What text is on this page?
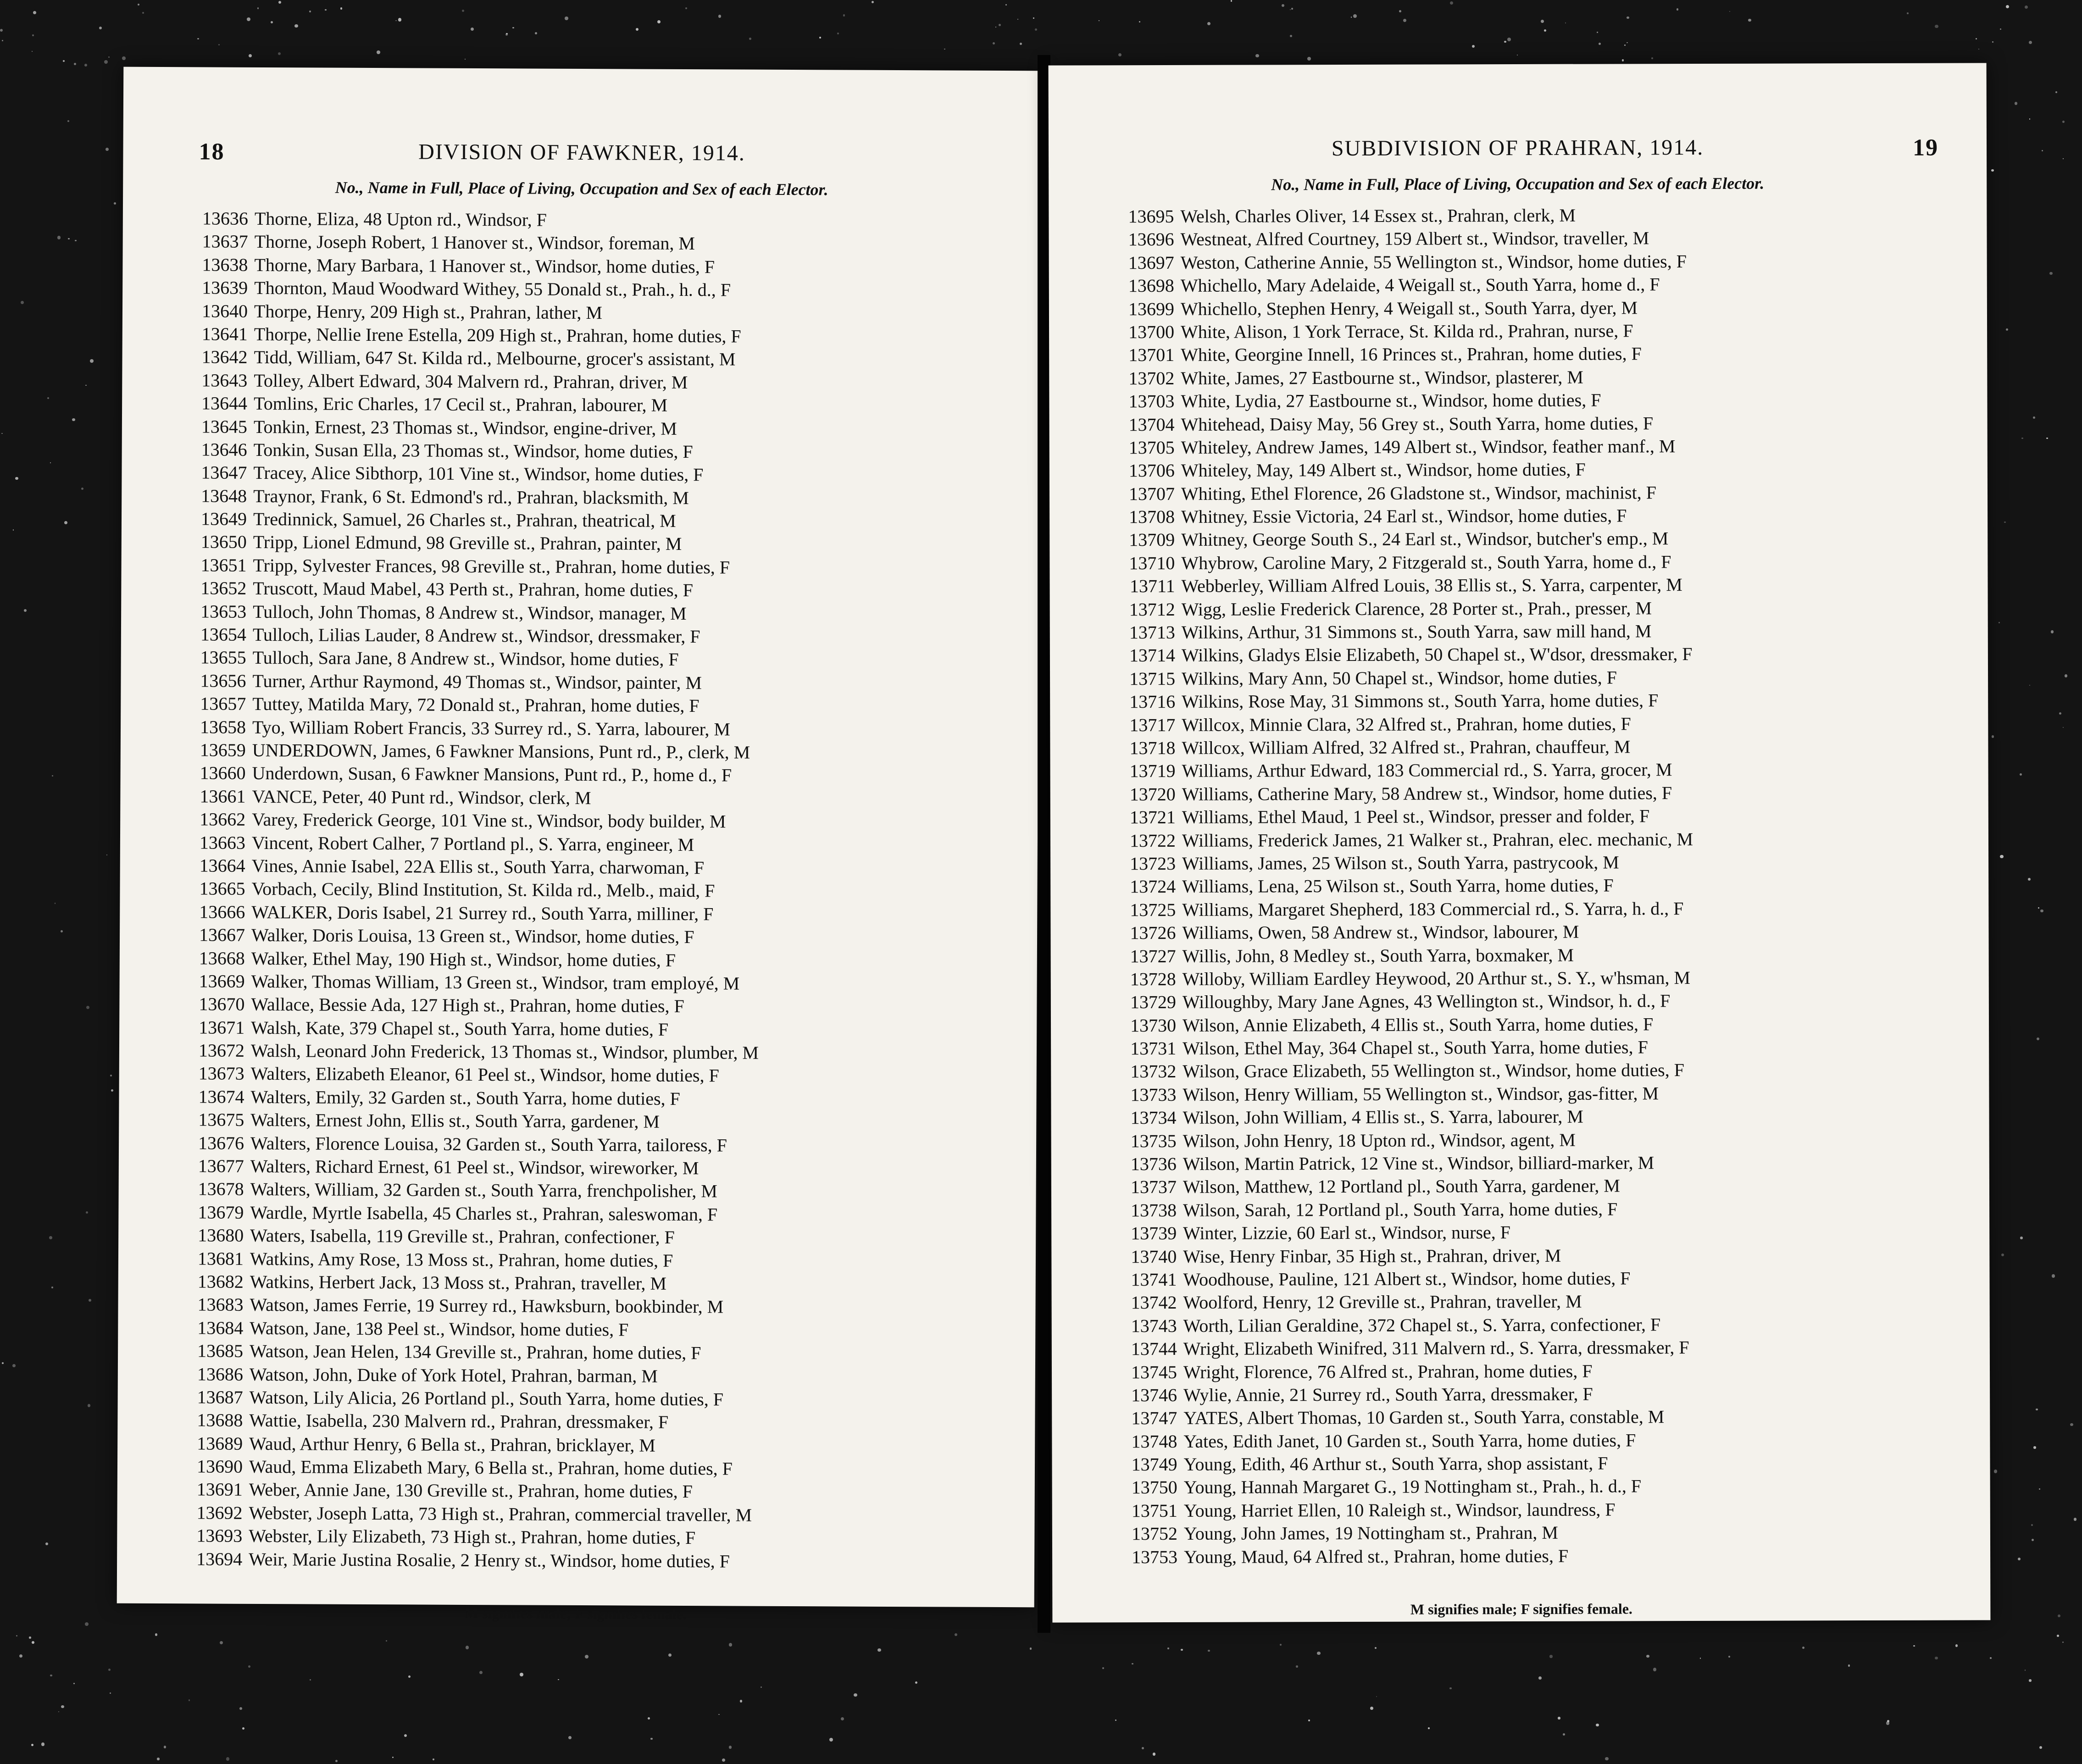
18	DIVISION OF FAWKNER, 1914.
No., Name in Full, Place of Living, Occupation and Sex of each Elector.
13636 Thorne, Eliza, 48 Upton rd., Windsor, F
13637 Thorne, Joseph Robert, 1 Hanover st., Windsor, foreman, M
13638 Thorne, Mary Barbara, 1 Hanover st., Windsor, home duties, F
13639 Thornton, Maud Woodward Withey, 55 Donald st., Prah., h. d., F
13640 Thorpe, Henry, 209 High st., Prahran, lather, M
13641 Thorpe, Nellie Irene Estella, 209 High st., Prahran, home duties, F
13642 Tidd, William, 647 St. Kilda rd., Melbourne, grocer's assistant, M
13643 Tolley, Albert Edward, 304 Malvern rd., Prahran, driver, M
13644 Tomlins, Eric Charles, 17 Cecil st., Prahran, labourer, M
13645 Tonkin, Ernest, 23 Thomas st., Windsor, engine-driver, M
13646 Tonkin, Susan Ella, 23 Thomas st., Windsor, home duties, F
13647 Tracey, Alice Sibthorp, 101 Vine st., Windsor, home duties, F
13648 Traynor, Frank, 6 St. Edmond's rd., Prahran, blacksmith, M
13649 Tredinnick, Samuel, 26 Charles st., Prahran, theatrical, M
13650 Tripp, Lionel Edmund, 98 Greville st., Prahran, painter, M
13651 Tripp, Sylvester Frances, 98 Greville st., Prahran, home duties, F
13652 Truscott, Maud Mabel, 43 Perth st., Prahran, home duties, F
13653 Tulloch, John Thomas, 8 Andrew st., Windsor, manager, M
13654 Tulloch, Lilias Lauder, 8 Andrew st., Windsor, dressmaker, F
13655 Tulloch, Sara Jane, 8 Andrew st., Windsor, home duties, F
13656 Turner, Arthur Raymond, 49 Thomas st., Windsor, painter, M
13657 Tuttey, Matilda Mary, 72 Donald st., Prahran, home duties, F
13658 Tyo, William Robert Francis, 33 Surrey rd., S. Yarra, labourer, M
13659 UNDERDOWN, James, 6 Fawkner Mansions, Punt rd., P., clerk, M
13660 Underdown, Susan, 6 Fawkner Mansions, Punt rd., P., home d., F
13661 VANCE, Peter, 40 Punt rd., Windsor, clerk, M
13662 Varey, Frederick George, 101 Vine st., Windsor, body builder, M
13663 Vincent, Robert Calher, 7 Portland pl., S. Yarra, engineer, M
13664 Vines, Annie Isabel, 22A Ellis st., South Yarra, charwoman, F
13665 Vorbach, Cecily, Blind Institution, St. Kilda rd., Melb., maid, F
13666 WALKER, Doris Isabel, 21 Surrey rd., South Yarra, milliner, F
13667 Walker, Doris Louisa, 13 Green st., Windsor, home duties, F
13668 Walker, Ethel May, 190 High st., Windsor, home duties, F
13669 Walker, Thomas William, 13 Green st., Windsor, tram employé, M
13670 Wallace, Bessie Ada, 127 High st., Prahran, home duties, F
13671 Walsh, Kate, 379 Chapel st., South Yarra, home duties, F
13672 Walsh, Leonard John Frederick, 13 Thomas st., Windsor, plumber, M
13673 Walters, Elizabeth Eleanor, 61 Peel st., Windsor, home duties, F
13674 Walters, Emily, 32 Garden st., South Yarra, home duties, F
13675 Walters, Ernest John, Ellis st., South Yarra, gardener, M
13676 Walters, Florence Louisa, 32 Garden st., South Yarra, tailoress, F
13677 Walters, Richard Ernest, 61 Peel st., Windsor, wireworker, M
13678 Walters, William, 32 Garden st., South Yarra, frenchpolisher, M
13679 Wardle, Myrtle Isabella, 45 Charles st., Prahran, saleswoman, F
13680 Waters, Isabella, 119 Greville st., Prahran, confectioner, F
13681 Watkins, Amy Rose, 13 Moss st., Prahran, home duties, F
13682 Watkins, Herbert Jack, 13 Moss st., Prahran, traveller, M
13683 Watson, James Ferrie, 19 Surrey rd., Hawksburn, bookbinder, M
13684 Watson, Jane, 138 Peel st., Windsor, home duties, F
13685 Watson, Jean Helen, 134 Greville st., Prahran, home duties, F
13686 Watson, John, Duke of York Hotel, Prahran, barman, M
13687 Watson, Lily Alicia, 26 Portland pl., South Yarra, home duties, F
13688 Wattie, Isabella, 230 Malvern rd., Prahran, dressmaker, F
13689 Waud, Arthur Henry, 6 Bella st., Prahran, bricklayer, M
13690 Waud, Emma Elizabeth Mary, 6 Bella st., Prahran, home duties, F
13691 Weber, Annie Jane, 130 Greville st., Prahran, home duties, F
13692 Webster, Joseph Latta, 73 High st., Prahran, commercial traveller, M
13693 Webster, Lily Elizabeth, 73 High st., Prahran, home duties, F
13694 Weir, Marie Justina Rosalie, 2 Henry st., Windsor, home duties, F
M signifies male; F signifies female.
SUBDIVISION OF PRAHRAN, 1914.	19
No., Name in Full, Place of Living, Occupation and Sex of each Elector.
13695 Welsh, Charles Oliver, 14 Essex st., Prahran, clerk, M
13696 Westneat, Alfred Courtney, 159 Albert st., Windsor, traveller, M
13697 Weston, Catherine Annie, 55 Wellington st., Windsor, home duties, F
13698 Whichello, Mary Adelaide, 4 Weigall st., South Yarra, home d., F
13699 Whichello, Stephen Henry, 4 Weigall st., South Yarra, dyer, M
13700 White, Alison, 1 York Terrace, St. Kilda rd., Prahran, nurse, F
13701 White, Georgine Innell, 16 Princes st., Prahran, home duties, F
13702 White, James, 27 Eastbourne st., Windsor, plasterer, M
13703 White, Lydia, 27 Eastbourne st., Windsor, home duties, F
13704 Whitehead, Daisy May, 56 Grey st., South Yarra, home duties, F
13705 Whiteley, Andrew James, 149 Albert st., Windsor, feather manf., M
13706 Whiteley, May, 149 Albert st., Windsor, home duties, F
13707 Whiting, Ethel Florence, 26 Gladstone st., Windsor, machinist, F
13708 Whitney, Essie Victoria, 24 Earl st., Windsor, home duties, F
13709 Whitney, George South S., 24 Earl st., Windsor, butcher's emp., M
13710 Whybrow, Caroline Mary, 2 Fitzgerald st., South Yarra, home d., F
13711 Webberley, William Alfred Louis, 38 Ellis st., S. Yarra, carpenter, M
13712 Wigg, Leslie Frederick Clarence, 28 Porter st., Prah., presser, M
13713 Wilkins, Arthur, 31 Simmons st., South Yarra, saw mill hand, M
13714 Wilkins, Gladys Elsie Elizabeth, 50 Chapel st., W'dsor, dressmaker, F
13715 Wilkins, Mary Ann, 50 Chapel st., Windsor, home duties, F
13716 Wilkins, Rose May, 31 Simmons st., South Yarra, home duties, F
13717 Willcox, Minnie Clara, 32 Alfred st., Prahran, home duties, F
13718 Willcox, William Alfred, 32 Alfred st., Prahran, chauffeur, M
13719 Williams, Arthur Edward, 183 Commercial rd., S. Yarra, grocer, M
13720 Williams, Catherine Mary, 58 Andrew st., Windsor, home duties, F
13721 Williams, Ethel Maud, 1 Peel st., Windsor, presser and folder, F
13722 Williams, Frederick James, 21 Walker st., Prahran, elec. mechanic, M
13723 Williams, James, 25 Wilson st., South Yarra, pastrycook, M
13724 Williams, Lena, 25 Wilson st., South Yarra, home duties, F
13725 Williams, Margaret Shepherd, 183 Commercial rd., S. Yarra, h. d., F
13726 Williams, Owen, 58 Andrew st., Windsor, labourer, M
13727 Willis, John, 8 Medley st., South Yarra, boxmaker, M
13728 Willoby, William Eardley Heywood, 20 Arthur st., S. Y., w'hsman, M
13729 Willoughby, Mary Jane Agnes, 43 Wellington st., Windsor, h. d., F
13730 Wilson, Annie Elizabeth, 4 Ellis st., South Yarra, home duties, F
13731 Wilson, Ethel May, 364 Chapel st., South Yarra, home duties, F
13732 Wilson, Grace Elizabeth, 55 Wellington st., Windsor, home duties, F
13733 Wilson, Henry William, 55 Wellington st., Windsor, gas-fitter, M
13734 Wilson, John William, 4 Ellis st., S. Yarra, labourer, M
13735 Wilson, John Henry, 18 Upton rd., Windsor, agent, M
13736 Wilson, Martin Patrick, 12 Vine st., Windsor, billiard-marker, M
13737 Wilson, Matthew, 12 Portland pl., South Yarra, gardener, M
13738 Wilson, Sarah, 12 Portland pl., South Yarra, home duties, F
13739 Winter, Lizzie, 60 Earl st., Windsor, nurse, F
13740 Wise, Henry Finbar, 35 High st., Prahran, driver, M
13741 Woodhouse, Pauline, 121 Albert st., Windsor, home duties, F
13742 Woolford, Henry, 12 Greville st., Prahran, traveller, M
13743 Worth, Lilian Geraldine, 372 Chapel st., S. Yarra, confectioner, F
13744 Wright, Elizabeth Winifred, 311 Malvern rd., S. Yarra, dressmaker, F
13745 Wright, Florence, 76 Alfred st., Prahran, home duties, F
13746 Wylie, Annie, 21 Surrey rd., South Yarra, dressmaker, F
13747 YATES, Albert Thomas, 10 Garden st., South Yarra, constable, M
13748 Yates, Edith Janet, 10 Garden st., South Yarra, home duties, F
13749 Young, Edith, 46 Arthur st., South Yarra, shop assistant, F
13750 Young, Hannah Margaret G., 19 Nottingham st., Prah., h. d., F
13751 Young, Harriet Ellen, 10 Raleigh st., Windsor, laundress, F
13752 Young, John James, 19 Nottingham st., Prahran, M
13753 Young, Maud, 64 Alfred st., Prahran, home duties, F
M signifies male; F signifies female.
